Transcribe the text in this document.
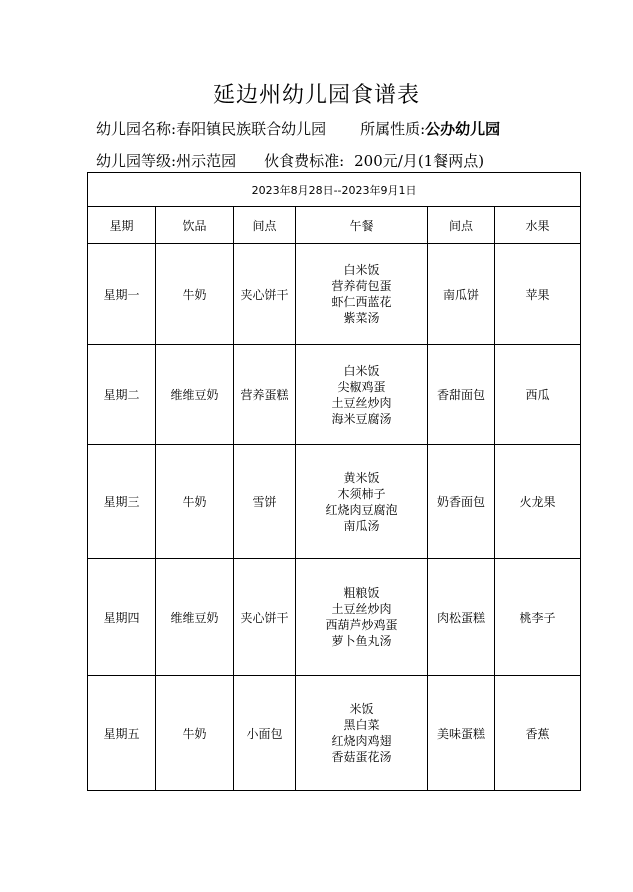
延边州幼儿园食谱表
幼儿园名称:春阳镇民族联合幼儿园 所属性质:公办幼儿园
幼儿园等级:州示范园 伙食费标准: 200元/月(1餐两点)
2023年8月28日--2023年9月1日					
星期	饮品	间点	午餐	间点	水果
星期一	牛奶	夹心饼干	白米饭
营养荷包蛋
虾仁西蓝花
紫菜汤	南瓜饼	苹果
星期二	维维豆奶	营养蛋糕	白米饭
尖椒鸡蛋
土豆丝炒肉
海米豆腐汤	香甜面包	西瓜
星期三	牛奶	雪饼	黄米饭
木须柿子
红烧肉豆腐泡
南瓜汤	奶香面包	火龙果
星期四	维维豆奶	夹心饼干	粗粮饭
土豆丝炒肉
西葫芦炒鸡蛋
萝卜鱼丸汤	肉松蛋糕	桃李子
星期五	牛奶	小面包	米饭
黑白菜
红烧肉鸡翅
香菇蛋花汤	美味蛋糕	香蕉
